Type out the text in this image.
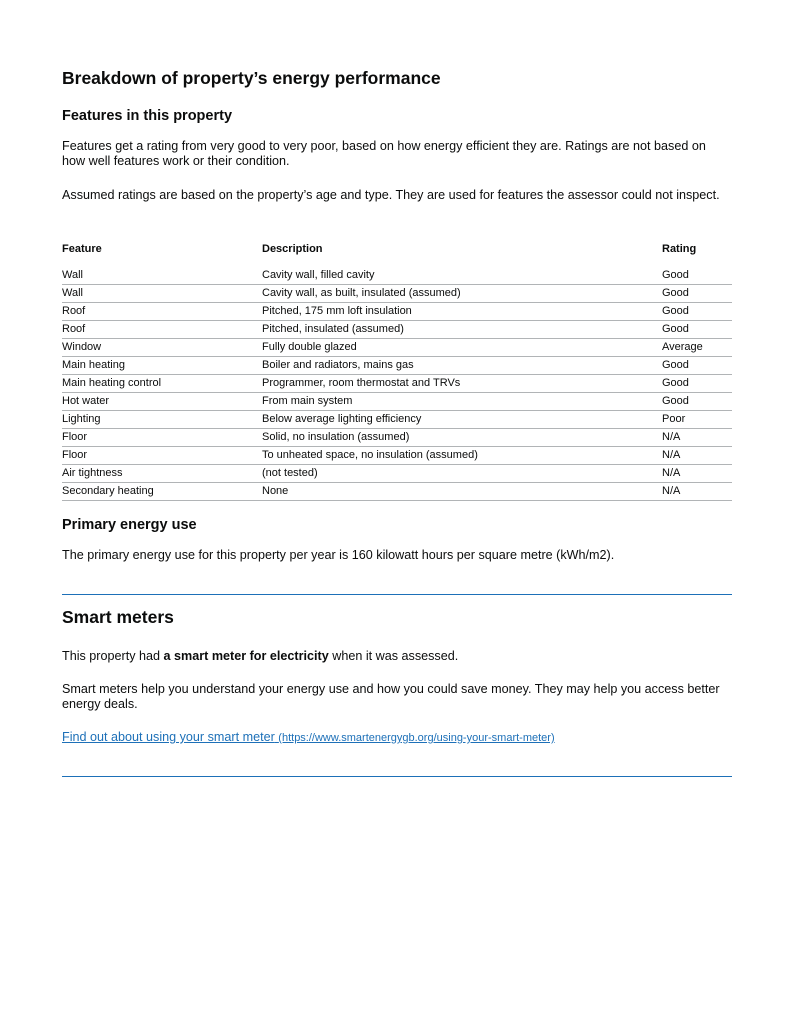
Breakdown of property’s energy performance
Features in this property

Features get a rating from very good to very poor, based on how energy efficient they are. Ratings are not based on how well features work or their condition.

Assumed ratings are based on the property’s age and type. They are used for features the assessor could not inspect.

Feature	Description	Rating
Wall	Cavity wall, filled cavity	Good
Wall	Cavity wall, as built, insulated (assumed)	Good
Roof	Pitched, 175 mm loft insulation	Good
Roof	Pitched, insulated (assumed)	Good
Window	Fully double glazed	Average
Main heating	Boiler and radiators, mains gas	Good
Main heating control	Programmer, room thermostat and TRVs	Good
Hot water	From main system	Good
Lighting	Below average lighting efficiency	Poor
Floor	Solid, no insulation (assumed)	N/A
Floor	To unheated space, no insulation (assumed)	N/A
Air tightness	(not tested)	N/A
Secondary heating	None	N/A
Primary energy use

The primary energy use for this property per year is 160 kilowatt hours per square metre (kWh/m2).

Smart meters

This property had a smart meter for electricity when it was assessed.

Smart meters help you understand your energy use and how you could save money. They may help you access better energy deals.

Find out about using your smart meter (https://www.smartenergygb.org/using-your-smart-meter)
